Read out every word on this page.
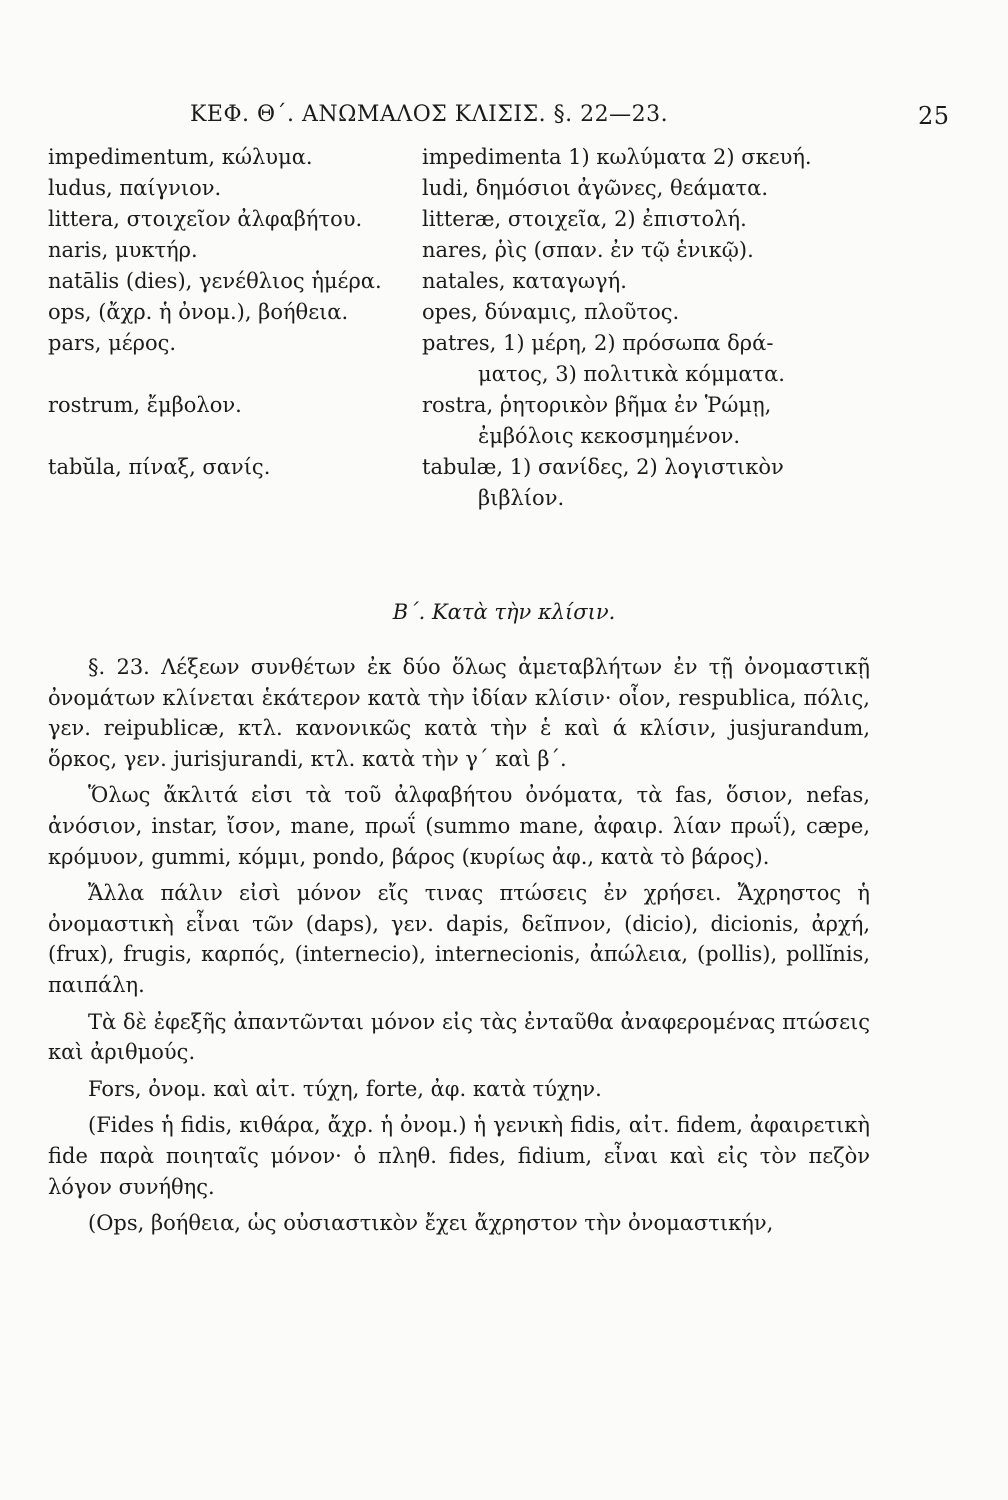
ΚΕΦ. Θ΄. ΑΝΩΜΑΛΟΣ ΚΛΙΣΙΣ. §. 22—23.	25
impedimentum, κώλυμα.	impedimenta 1) κωλύματα 2) σκευή.
ludus, παίγνιον.	ludi, δημόσιοι ἀγῶνες, θεάματα.
littera, στοιχεῖον ἀλφαβήτου.	litteræ, στοιχεῖα, 2) ἐπιστολή.
naris, μυκτήρ.	nares, ῥὶς (σπαν. ἐν τῷ ἑνικῷ).
natālis (dies), γενέθλιος ἡμέρα.	natales, καταγωγή.
ops, (ἄχρ. ἡ ὀνομ.), βοήθεια.	opes, δύναμις, πλοῦτος.
pars, μέρος.	patres, 1) μέρη, 2) πρόσωπα δρά-
ματος, 3) πολιτικὰ κόμματα.
rostrum, ἔμβολον.	rostra, ῥητορικὸν βῆμα ἐν Ῥώμῃ,
ἐμβόλοις κεκοσμημένον.
tabŭla, πίναξ, σανίς.	tabulæ, 1) σανίδες, 2) λογιστικὸν
βιβλίον.
Β΄. Κατὰ τὴν κλίσιν.

§. 23. Λέξεων συνθέτων ἐκ δύο ὅλως ἀμεταβλήτων ἐν τῇ ὀνομαστικῇ ὀνομάτων κλίνεται ἑκάτερον κατὰ τὴν ἰδίαν κλίσιν· οἷον, respublica, πόλις, γεν. reipublicæ, κτλ. κανονικῶς κατὰ τὴν ἑ καὶ ά κλίσιν, jusjurandum, ὅρκος, γεν. jurisjurandi, κτλ. κατὰ τὴν γ΄ καὶ β΄.

Ὅλως ἄκλιτά εἰσι τὰ τοῦ ἀλφαβήτου ὀνόματα, τὰ fas, ὅσιον, nefas, ἀνόσιον, instar, ἴσον, mane, πρωΐ (summo mane, ἀφαιρ. λίαν πρωΐ), cæpe, κρόμυον, gummi, κόμμι, pondo, βάρος (κυρίως ἀφ., κατὰ τὸ βάρος).

Ἄλλα πάλιν εἰσὶ μόνον εἴς τινας πτώσεις ἐν χρήσει. Ἄχρηστος ἡ ὀνομαστικὴ εἶναι τῶν (daps), γεν. dapis, δεῖπνον, (dicio), dicionis, ἀρχή, (frux), frugis, καρπός, (internecio), internecionis, ἀπώλεια, (pollis), pollĭnis, παιπάλη.

Τὰ δὲ ἐφεξῆς ἀπαντῶνται μόνον εἰς τὰς ἐνταῦθα ἀναφερομένας πτώσεις καὶ ἀριθμούς.

Fors, ὀνομ. καὶ αἰτ. τύχη, forte, ἀφ. κατὰ τύχην.

(Fides ἡ fidis, κιθάρα, ἄχρ. ἡ ὀνομ.) ἡ γενικὴ fidis, αἰτ. fidem, ἀφαιρετικὴ fide παρὰ ποιηταῖς μόνον· ὁ πληθ. fides, fidium, εἶναι καὶ εἰς τὸν πεζὸν λόγον συνήθης.

(Ops, βοήθεια, ὡς οὐσιαστικὸν ἔχει ἄχρηστον τὴν ὀνομαστικήν,
